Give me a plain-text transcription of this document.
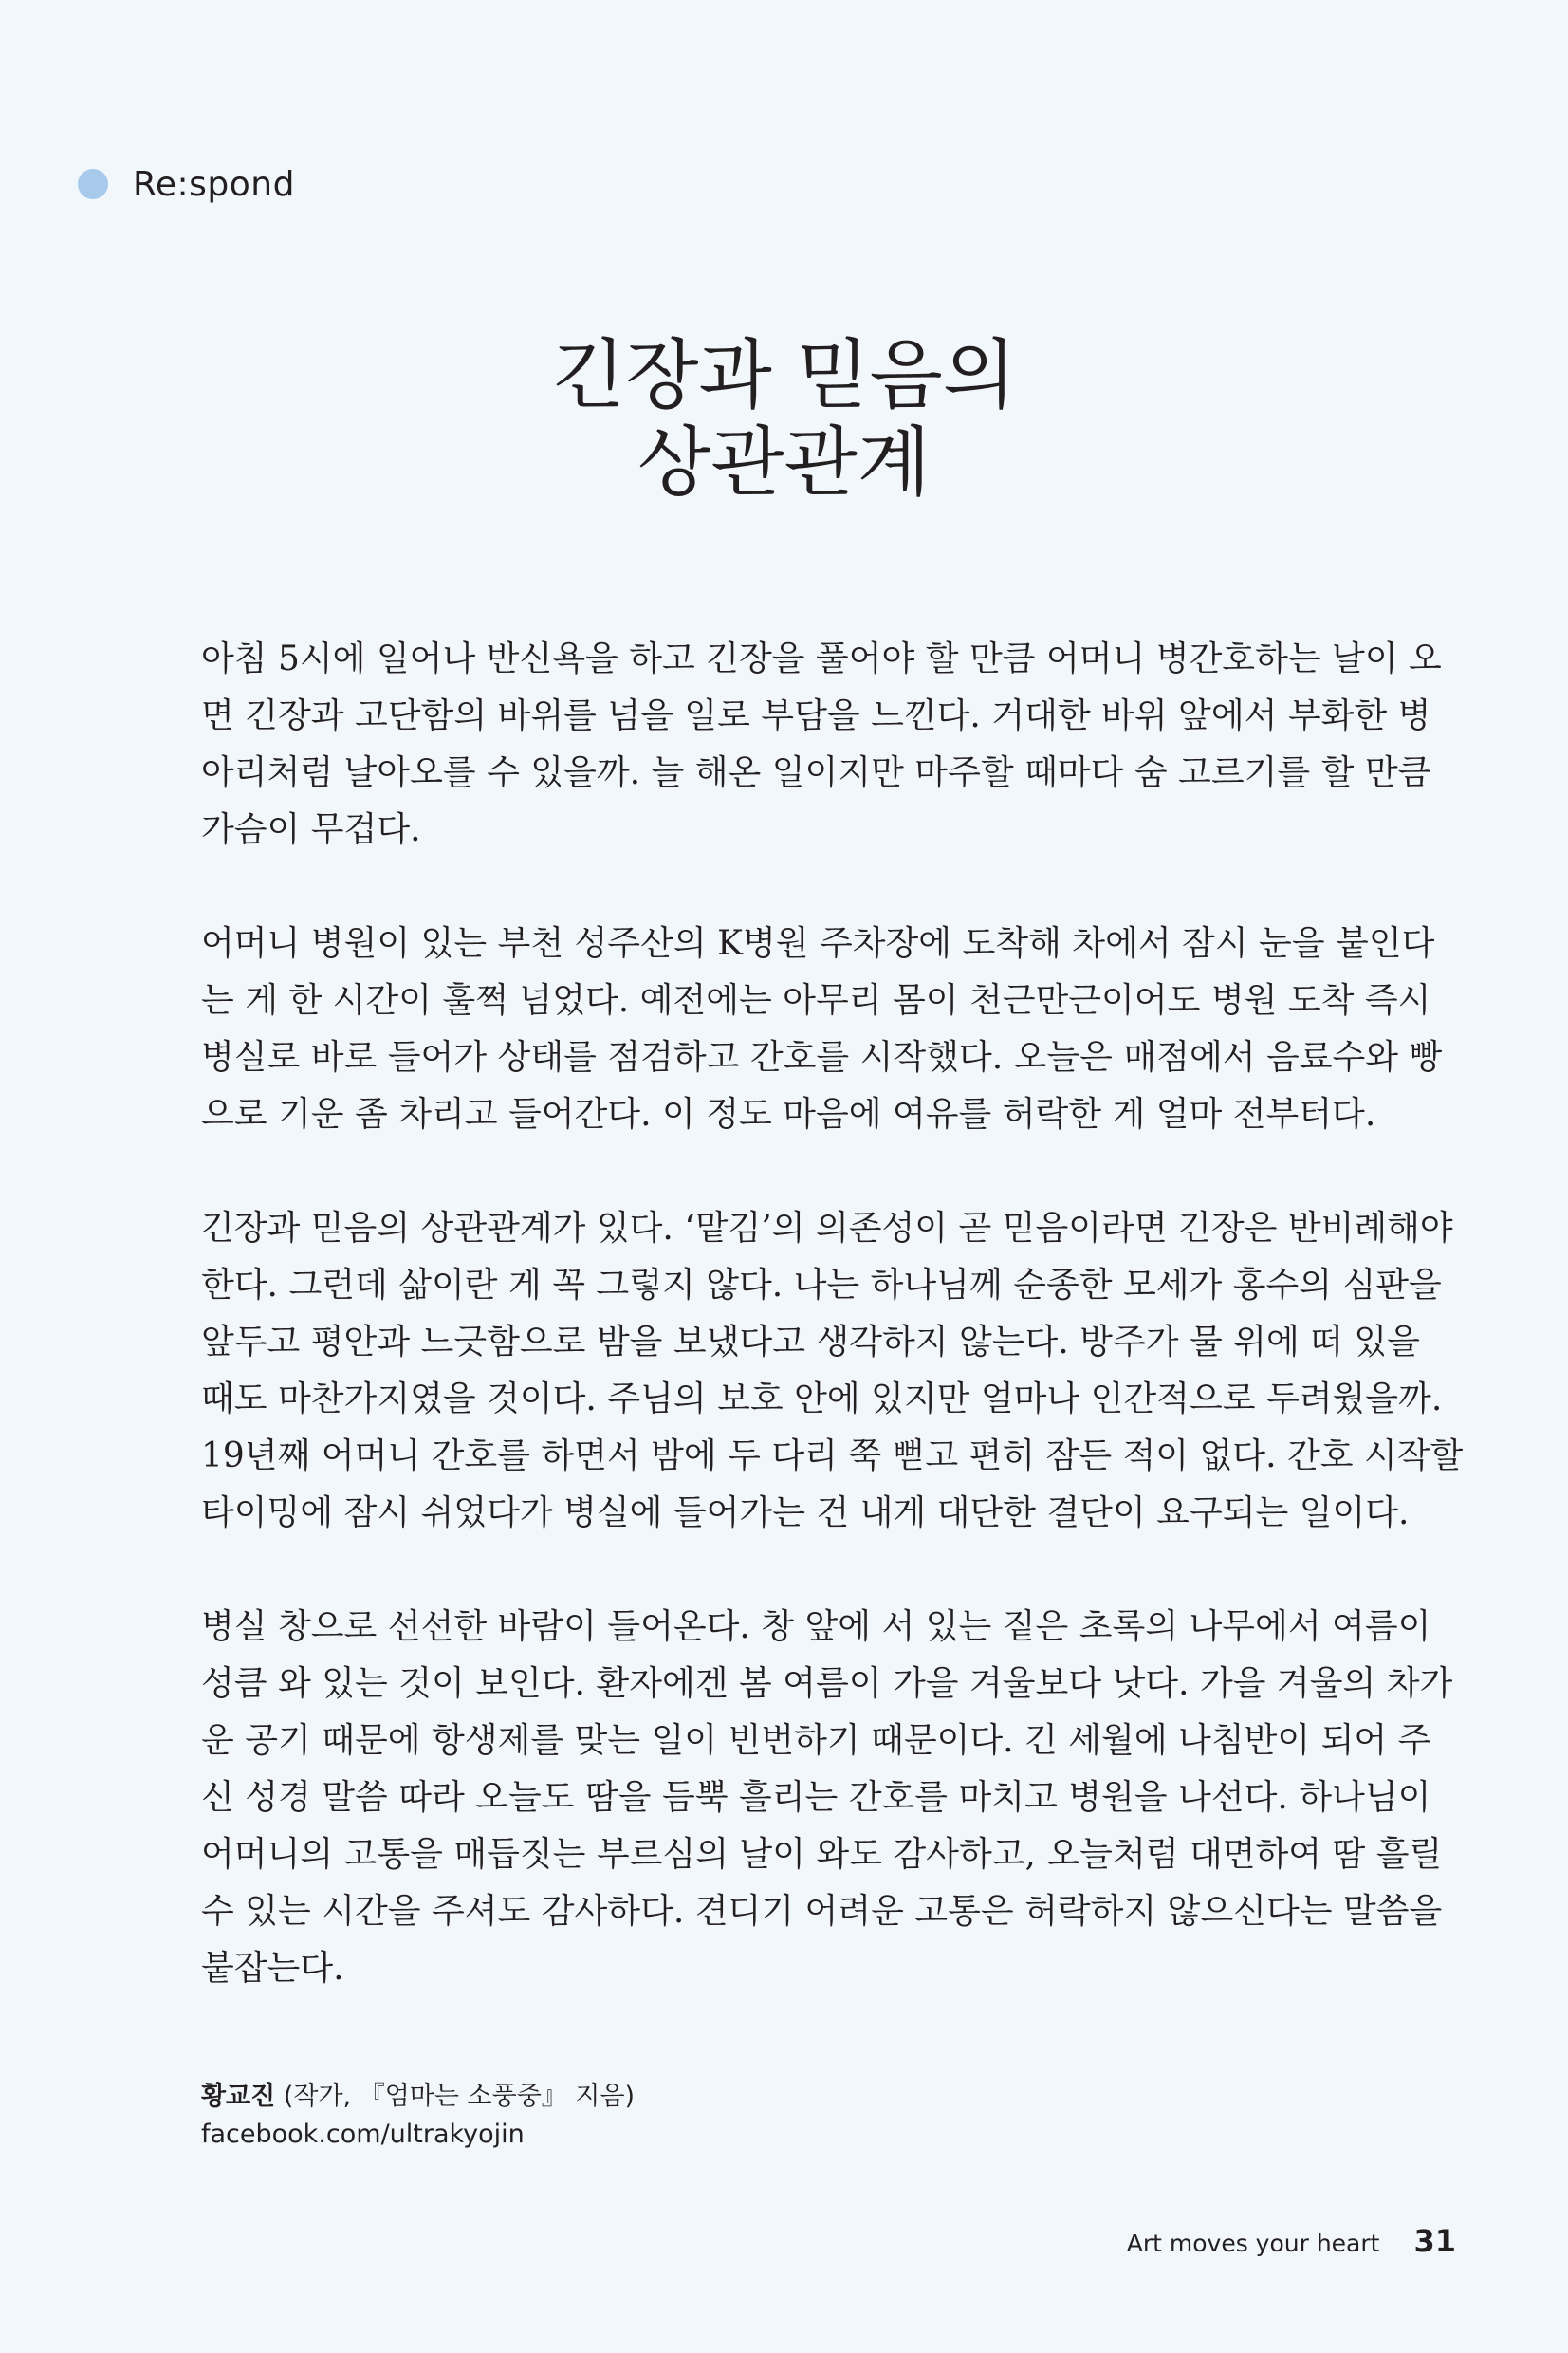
Re:spond
긴장과 믿음의
상관관계

아침 5시에 일어나 반신욕을 하고 긴장을 풀어야 할 만큼 어머니 병간호하는 날이 오
면 긴장과 고단함의 바위를 넘을 일로 부담을 느낀다. 거대한 바위 앞에서 부화한 병
아리처럼 날아오를 수 있을까. 늘 해온 일이지만 마주할 때마다 숨 고르기를 할 만큼
가슴이 무겁다.

어머니 병원이 있는 부천 성주산의 K병원 주차장에 도착해 차에서 잠시 눈을 붙인다
는 게 한 시간이 훌쩍 넘었다. 예전에는 아무리 몸이 천근만근이어도 병원 도착 즉시
병실로 바로 들어가 상태를 점검하고 간호를 시작했다. 오늘은 매점에서 음료수와 빵
으로 기운 좀 차리고 들어간다. 이 정도 마음에 여유를 허락한 게 얼마 전부터다.

긴장과 믿음의 상관관계가 있다. ‘맡김’의 의존성이 곧 믿음이라면 긴장은 반비례해야
한다. 그런데 삶이란 게 꼭 그렇지 않다. 나는 하나님께 순종한 모세가 홍수의 심판을
앞두고 평안과 느긋함으로 밤을 보냈다고 생각하지 않는다. 방주가 물 위에 떠 있을
때도 마찬가지였을 것이다. 주님의 보호 안에 있지만 얼마나 인간적으로 두려웠을까.
19년째 어머니 간호를 하면서 밤에 두 다리 쭉 뻗고 편히 잠든 적이 없다. 간호 시작할
타이밍에 잠시 쉬었다가 병실에 들어가는 건 내게 대단한 결단이 요구되는 일이다.

병실 창으로 선선한 바람이 들어온다. 창 앞에 서 있는 짙은 초록의 나무에서 여름이
성큼 와 있는 것이 보인다. 환자에겐 봄 여름이 가을 겨울보다 낫다. 가을 겨울의 차가
운 공기 때문에 항생제를 맞는 일이 빈번하기 때문이다. 긴 세월에 나침반이 되어 주
신 성경 말씀 따라 오늘도 땀을 듬뿍 흘리는 간호를 마치고 병원을 나선다. 하나님이
어머니의 고통을 매듭짓는 부르심의 날이 와도 감사하고, 오늘처럼 대면하여 땀 흘릴
수 있는 시간을 주셔도 감사하다. 견디기 어려운 고통은 허락하지 않으신다는 말씀을
붙잡는다.

황교진 (작가, 『엄마는 소풍중』 지음)
facebook.com/ultrakyojin
Art moves your heart 31
